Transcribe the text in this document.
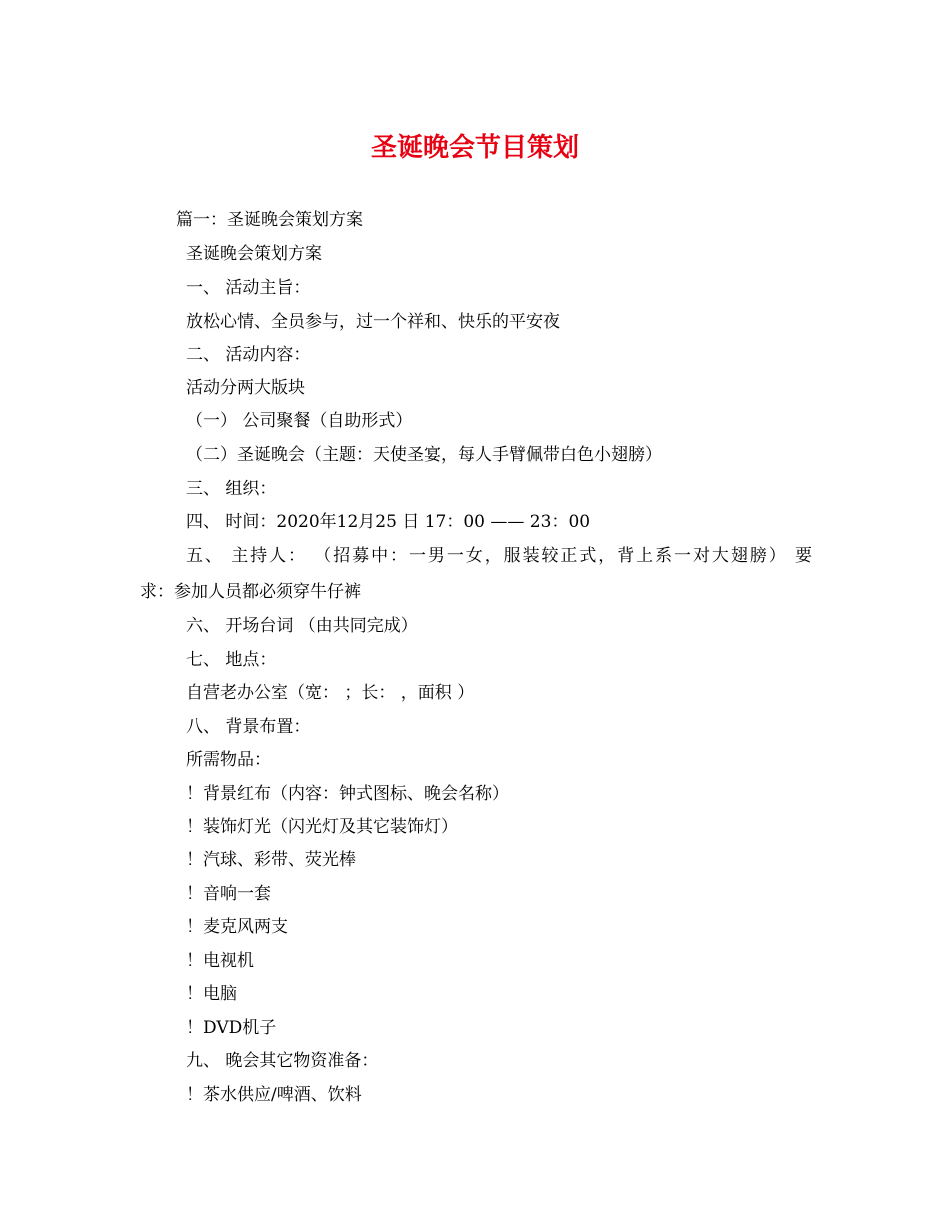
圣诞晚会节目策划
篇一：圣诞晚会策划方案
圣诞晚会策划方案
一、 活动主旨：
放松心情、全员参与，过一个祥和、快乐的平安夜
二、 活动内容：
活动分两大版块
（一） 公司聚餐（自助形式）
（二）圣诞晚会（主题：天使圣宴，每人手臂佩带白色小翅膀）
三、 组织：
四、 时间：2020年12月25 日 17：00 —— 23：00
五、 主持人： （招募中：一男一女，服装较正式，背上系一对大翅膀） 要
求：参加人员都必须穿牛仔裤
六、 开场台词 （由共同完成）
七、 地点：
自营老办公室（宽： ；长： ，面积 ）
八、 背景布置：
所需物品：
！背景红布（内容：钟式图标、晚会名称）
！装饰灯光（闪光灯及其它装饰灯）
！汽球、彩带、荧光棒
！音响一套
！麦克风两支
！电视机
！电脑
！DVD机子
九、 晚会其它物资准备：
！茶水供应/啤酒、饮料
